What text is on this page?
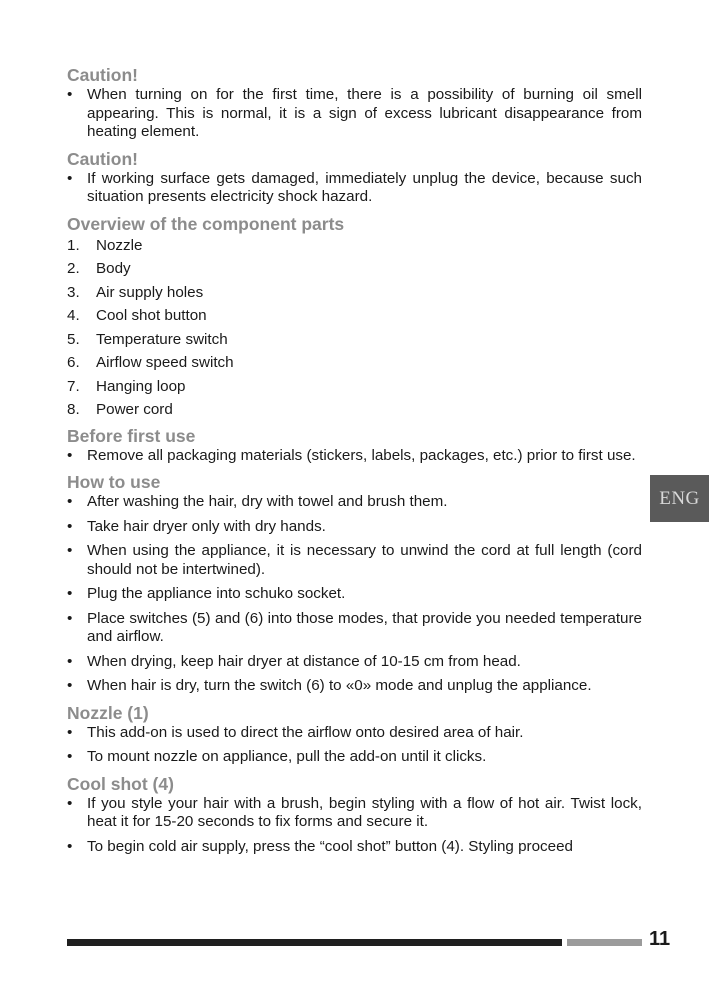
Caution!
• When turning on for the first time, there is a possibility of burning oil smell appearing. This is normal, it is a sign of excess lubricant disappearance from heating element.
Caution!
• If working surface gets damaged, immediately unplug the device, because such situation presents electricity shock hazard.
Overview of the component parts
1.	Nozzle
2.	Body
3.	Air supply holes
4.	Cool shot button
5.	Temperature switch
6.	Airflow speed switch
7.	Hanging loop
8.	Power cord
Before first use
• Remove all packaging materials (stickers, labels, packages, etc.) prior to first use.
How to use
• After washing the hair, dry with towel and brush them.
• Take hair dryer only with dry hands.
• When using the appliance, it is necessary to unwind the cord at full length (cord should not be intertwined).
• Plug the appliance into schuko socket.
• Place switches (5) and (6) into those modes, that provide you needed temperature and airflow.
• When drying, keep hair dryer at distance of 10-15 cm from head.
• When hair is dry, turn the switch (6) to «0» mode and unplug the appliance.
Nozzle (1)
• This add-on is used to direct the airflow onto desired area of hair.
• To mount nozzle on appliance, pull the add-on until it clicks.
Cool shot (4)
• If you style your hair with a brush, begin styling with a flow of hot air. Twist lock, heat it for 15-20 seconds to fix forms and secure it.
• To begin cold air supply, press the “cool shot” button (4). Styling proceed
ENG
11
